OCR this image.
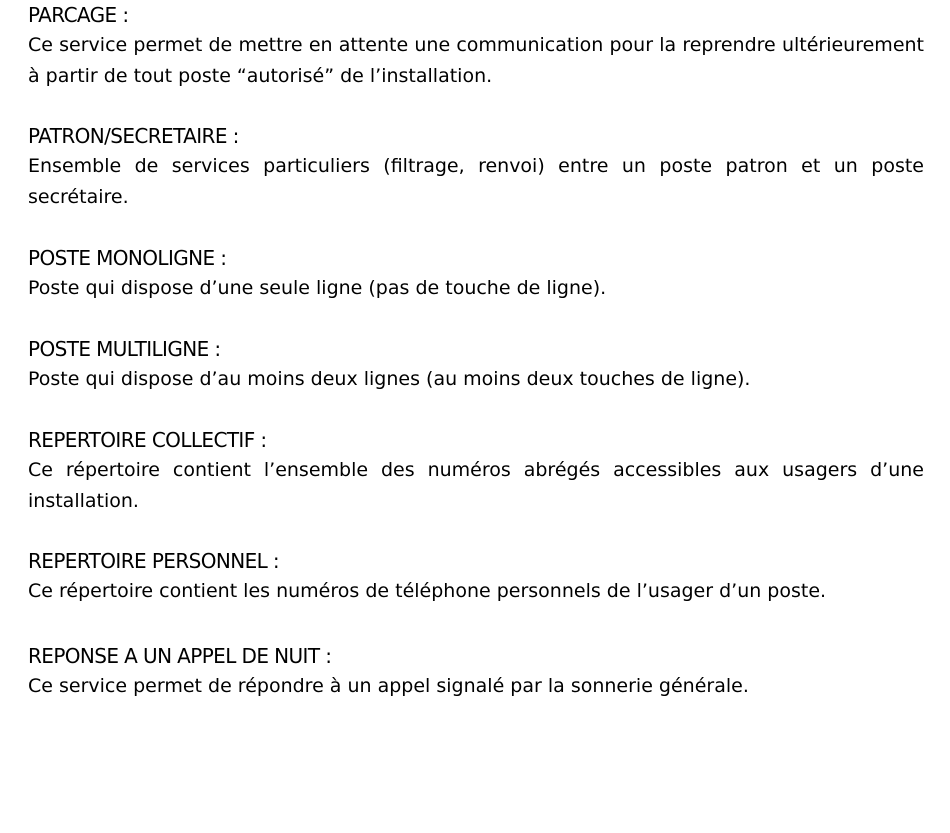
PARCAGE :

Ce service permet de mettre en attente une communication pour la reprendre ultérieurement à partir de tout poste “autorisé” de l’installation.

PATRON/SECRETAIRE :

Ensemble de services particuliers (filtrage, renvoi) entre un poste patron et un poste secrétaire.

POSTE MONOLIGNE :

Poste qui dispose d’une seule ligne (pas de touche de ligne).

POSTE MULTILIGNE :

Poste qui dispose d’au moins deux lignes (au moins deux touches de ligne).

REPERTOIRE COLLECTIF :

Ce répertoire contient l’ensemble des numéros abrégés accessibles aux usagers d’une installation.

REPERTOIRE PERSONNEL :

Ce répertoire contient les numéros de téléphone personnels de l’usager d’un poste.

REPONSE A UN APPEL DE NUIT :

Ce service permet de répondre à un appel signalé par la sonnerie générale.
